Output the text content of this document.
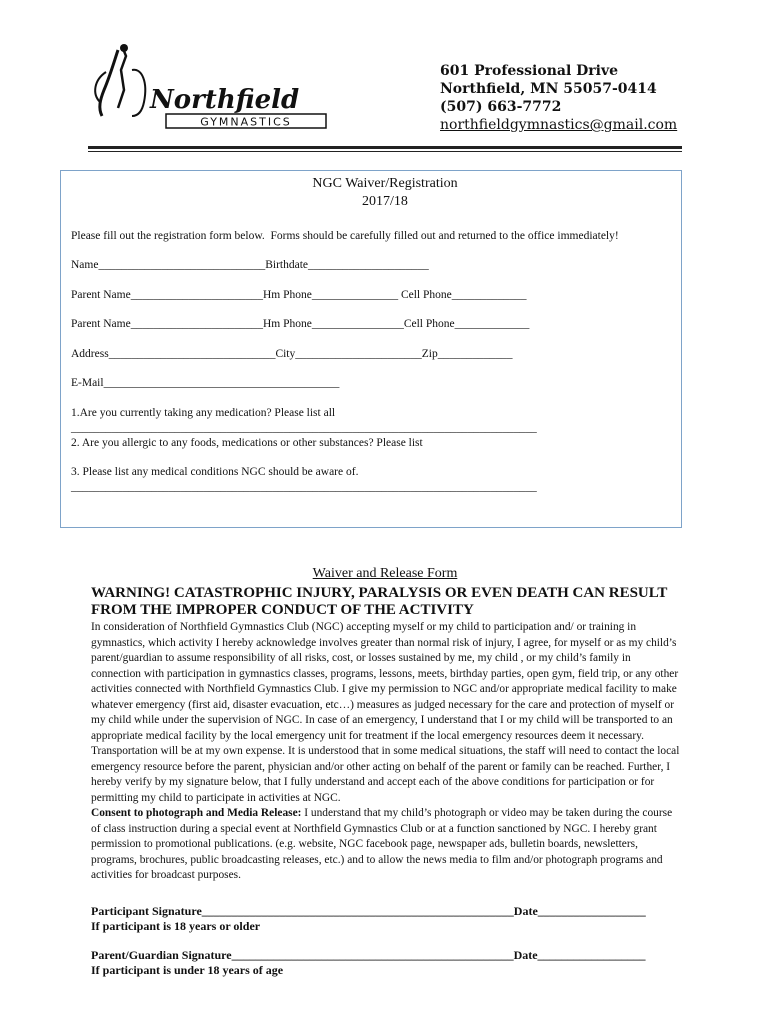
Northfield
GYMNASTICS
601 Professional Drive
Northfield, MN 55057-0414
(507) 663-7772
northfieldgymnastics@gmail.com
NGC Waiver/Registration
2017/18
Please fill out the registration form below.  Forms should be carefully filled out and returned to the office immediately!
Name_____________________________Birthdate_____________________
Parent Name_______________________Hm Phone_______________ Cell Phone_____________
Parent Name_______________________Hm Phone________________Cell Phone_____________
Address_____________________________City______________________Zip_____________
E-Mail_________________________________________
1.Are you currently taking any medication? Please list all
_________________________________________________________________________________
2. Are you allergic to any foods, medications or other substances? Please list
3. Please list any medical conditions NGC should be aware of.
_________________________________________________________________________________
Waiver and Release Form
WARNING! CATASTROPHIC INJURY, PARALYSIS OR EVEN DEATH CAN RESULT FROM THE IMPROPER CONDUCT OF THE ACTIVITY
In consideration of Northfield Gymnastics Club (NGC) accepting myself or my child to participation and/ or training in gymnastics, which activity I hereby acknowledge involves greater than normal risk of injury, I agree, for myself or as my child’s parent/guardian to assume responsibility of all risks, cost, or losses sustained by me, my child , or my child’s family in connection with participation in gymnastics classes, programs, lessons, meets, birthday parties, open gym, field trip, or any other activities connected with Northfield Gymnastics Club. I give my permission to NGC and/or appropriate medical facility to make whatever emergency (first aid, disaster evacuation, etc…) measures as judged necessary for the care and protection of myself or my child while under the supervision of NGC. In case of an emergency, I understand that I or my child will be transported to an appropriate medical facility by the local emergency unit for treatment if the local emergency resources deem it necessary. Transportation will be at my own expense. It is understood that in some medical situations, the staff will need to contact the local emergency resource before the parent, physician and/or other acting on behalf of the parent or family can be reached. Further, I hereby verify by my signature below, that I fully understand and accept each of the above conditions for participation or for permitting my child to participate in activities at NGC.
Consent to photograph and Media Release: I understand that my child’s photograph or video may be taken during the course of class instruction during a special event at Northfield Gymnastics Club or at a function sanctioned by NGC. I hereby grant permission to promotional publications. (e.g. website, NGC facebook page, newspaper ads, bulletin boards, newsletters, programs, brochures, public broadcasting releases, etc.) and to allow the news media to film and/or photograph programs and activities for broadcast purposes.
Participant Signature____________________________________________________Date__________________
If participant is 18 years or older
Parent/Guardian Signature_______________________________________________Date__________________
If participant is under 18 years of age
